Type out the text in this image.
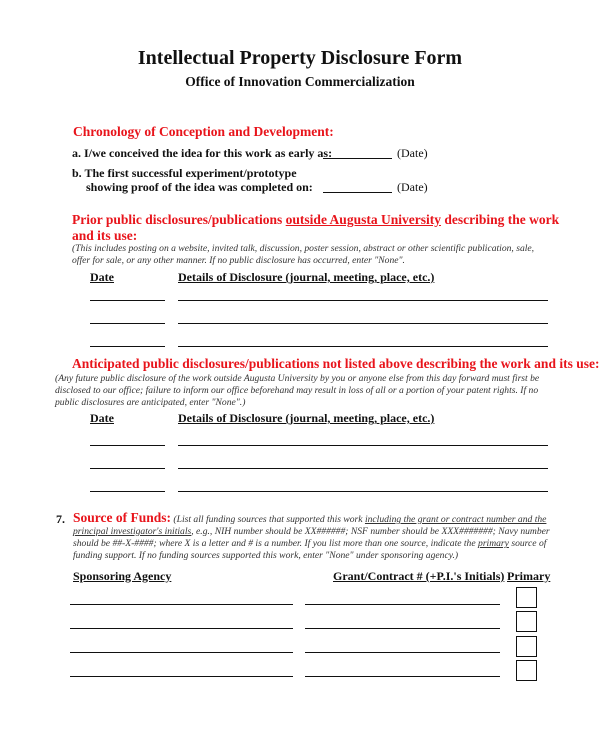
Intellectual Property Disclosure Form
Office of Innovation Commercialization
Chronology of Conception and Development:
a. I/we conceived the idea for this work as early as:	(Date)
b. The first successful experiment/prototype
showing proof of the idea was completed on:	(Date)
Prior public disclosures/publications outside Augusta University describing the work
and its use:
(This includes posting on a website, invited talk, discussion, poster session, abstract or other scientific publication, sale, offer for sale, or any other manner. If no public disclosure has occurred, enter "None".
Date	Details of Disclosure (journal, meeting, place, etc.)
Anticipated public disclosures/publications not listed above describing the work and its use:
(Any future public disclosure of the work outside Augusta University by you or anyone else from this day forward must first be disclosed to our office; failure to inform our office beforehand may result in loss of all or a portion of your patent rights. If no public disclosures are anticipated, enter "None".)
Date	Details of Disclosure (journal, meeting, place, etc.)
7. Source of Funds: (List all funding sources that supported this work including the grant or contract number and the principal investigator's initials, e.g., NIH number should be XX######; NSF number should be XXX#######; Navy number should be ##-X-####; where X is a letter and # is a number. If you list more than one source, indicate the primary source of funding support. If no funding sources supported this work, enter "None" under sponsoring agency.)
Sponsoring Agency	Grant/Contract # (+P.I.'s Initials) Primary
